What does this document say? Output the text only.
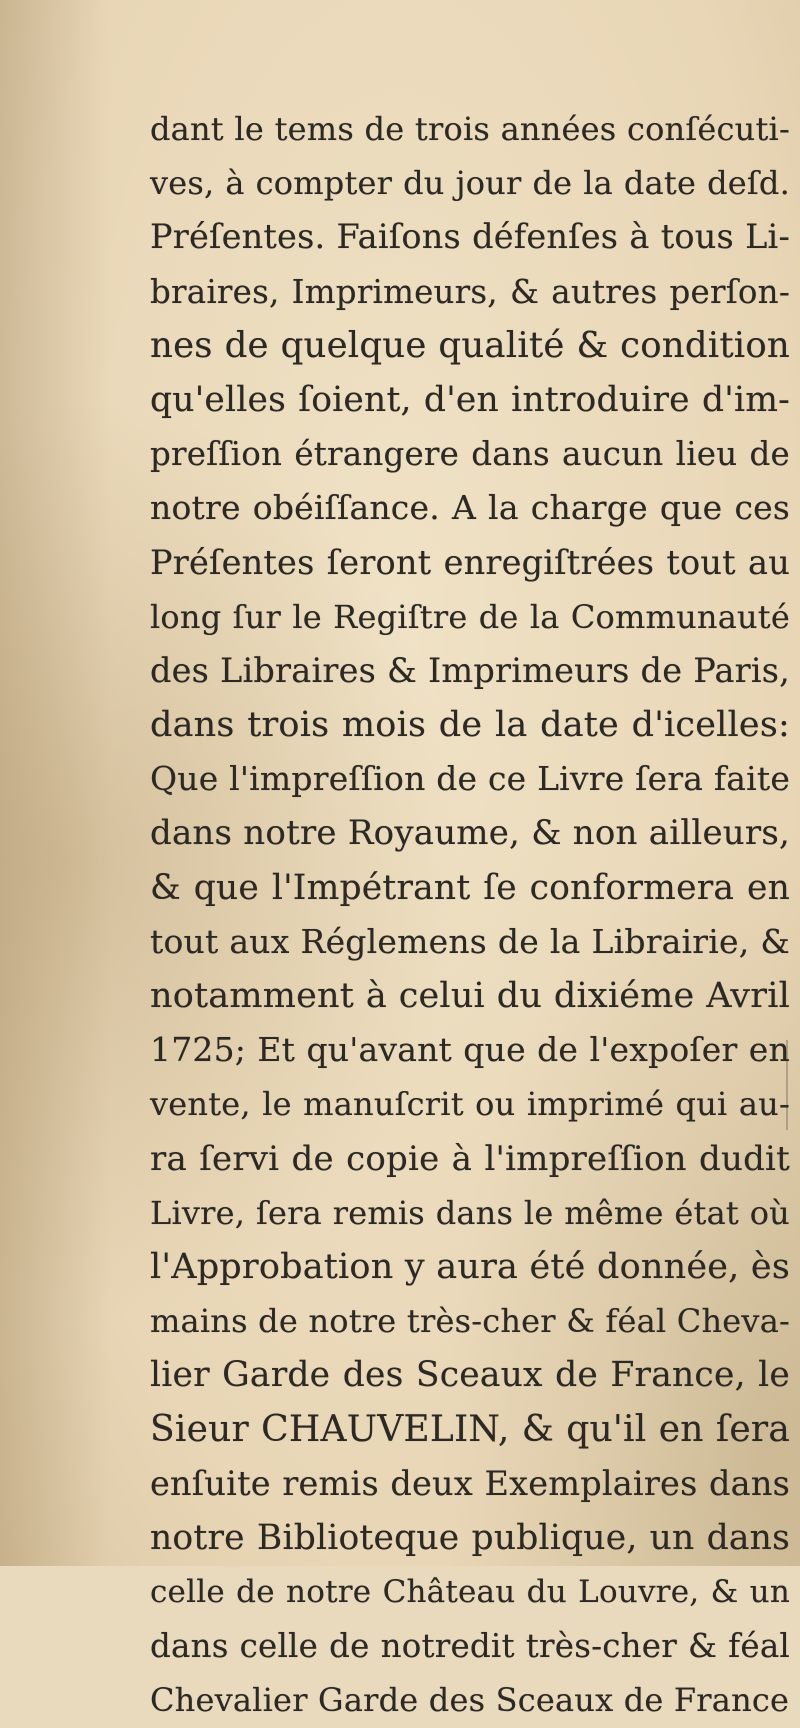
dant le tems de trois années conſécuti-
ves, à compter du jour de la date deſd.
Préſentes. Faiſons défenſes à tous Li-
braires, Imprimeurs, & autres perſon-
nes de quelque qualité & condition
qu'elles ſoient, d'en introduire d'im-
preſſion étrangere dans aucun lieu de
notre obéiſſance. A la charge que ces
Préſentes ſeront enregiſtrées tout au
long ſur le Regiſtre de la Communauté
des Libraires & Imprimeurs de Paris,
dans trois mois de la date d'icelles:
Que l'impreſſion de ce Livre ſera faite
dans notre Royaume, & non ailleurs,
& que l'Impétrant ſe conformera en
tout aux Réglemens de la Librairie, &
notamment à celui du dixiéme Avril
1725; Et qu'avant que de l'expoſer en
vente, le manuſcrit ou imprimé qui au-
ra ſervi de copie à l'impreſſion dudit
Livre, ſera remis dans le même état où
l'Approbation y aura été donnée, ès
mains de notre très-cher & féal Cheva-
lier Garde des Sceaux de France, le
Sieur CHAUVELIN, & qu'il en ſera
enſuite remis deux Exemplaires dans
notre Biblioteque publique, un dans
celle de notre Château du Louvre, & un
dans celle de notredit très-cher & féal
Chevalier Garde des Sceaux de France
